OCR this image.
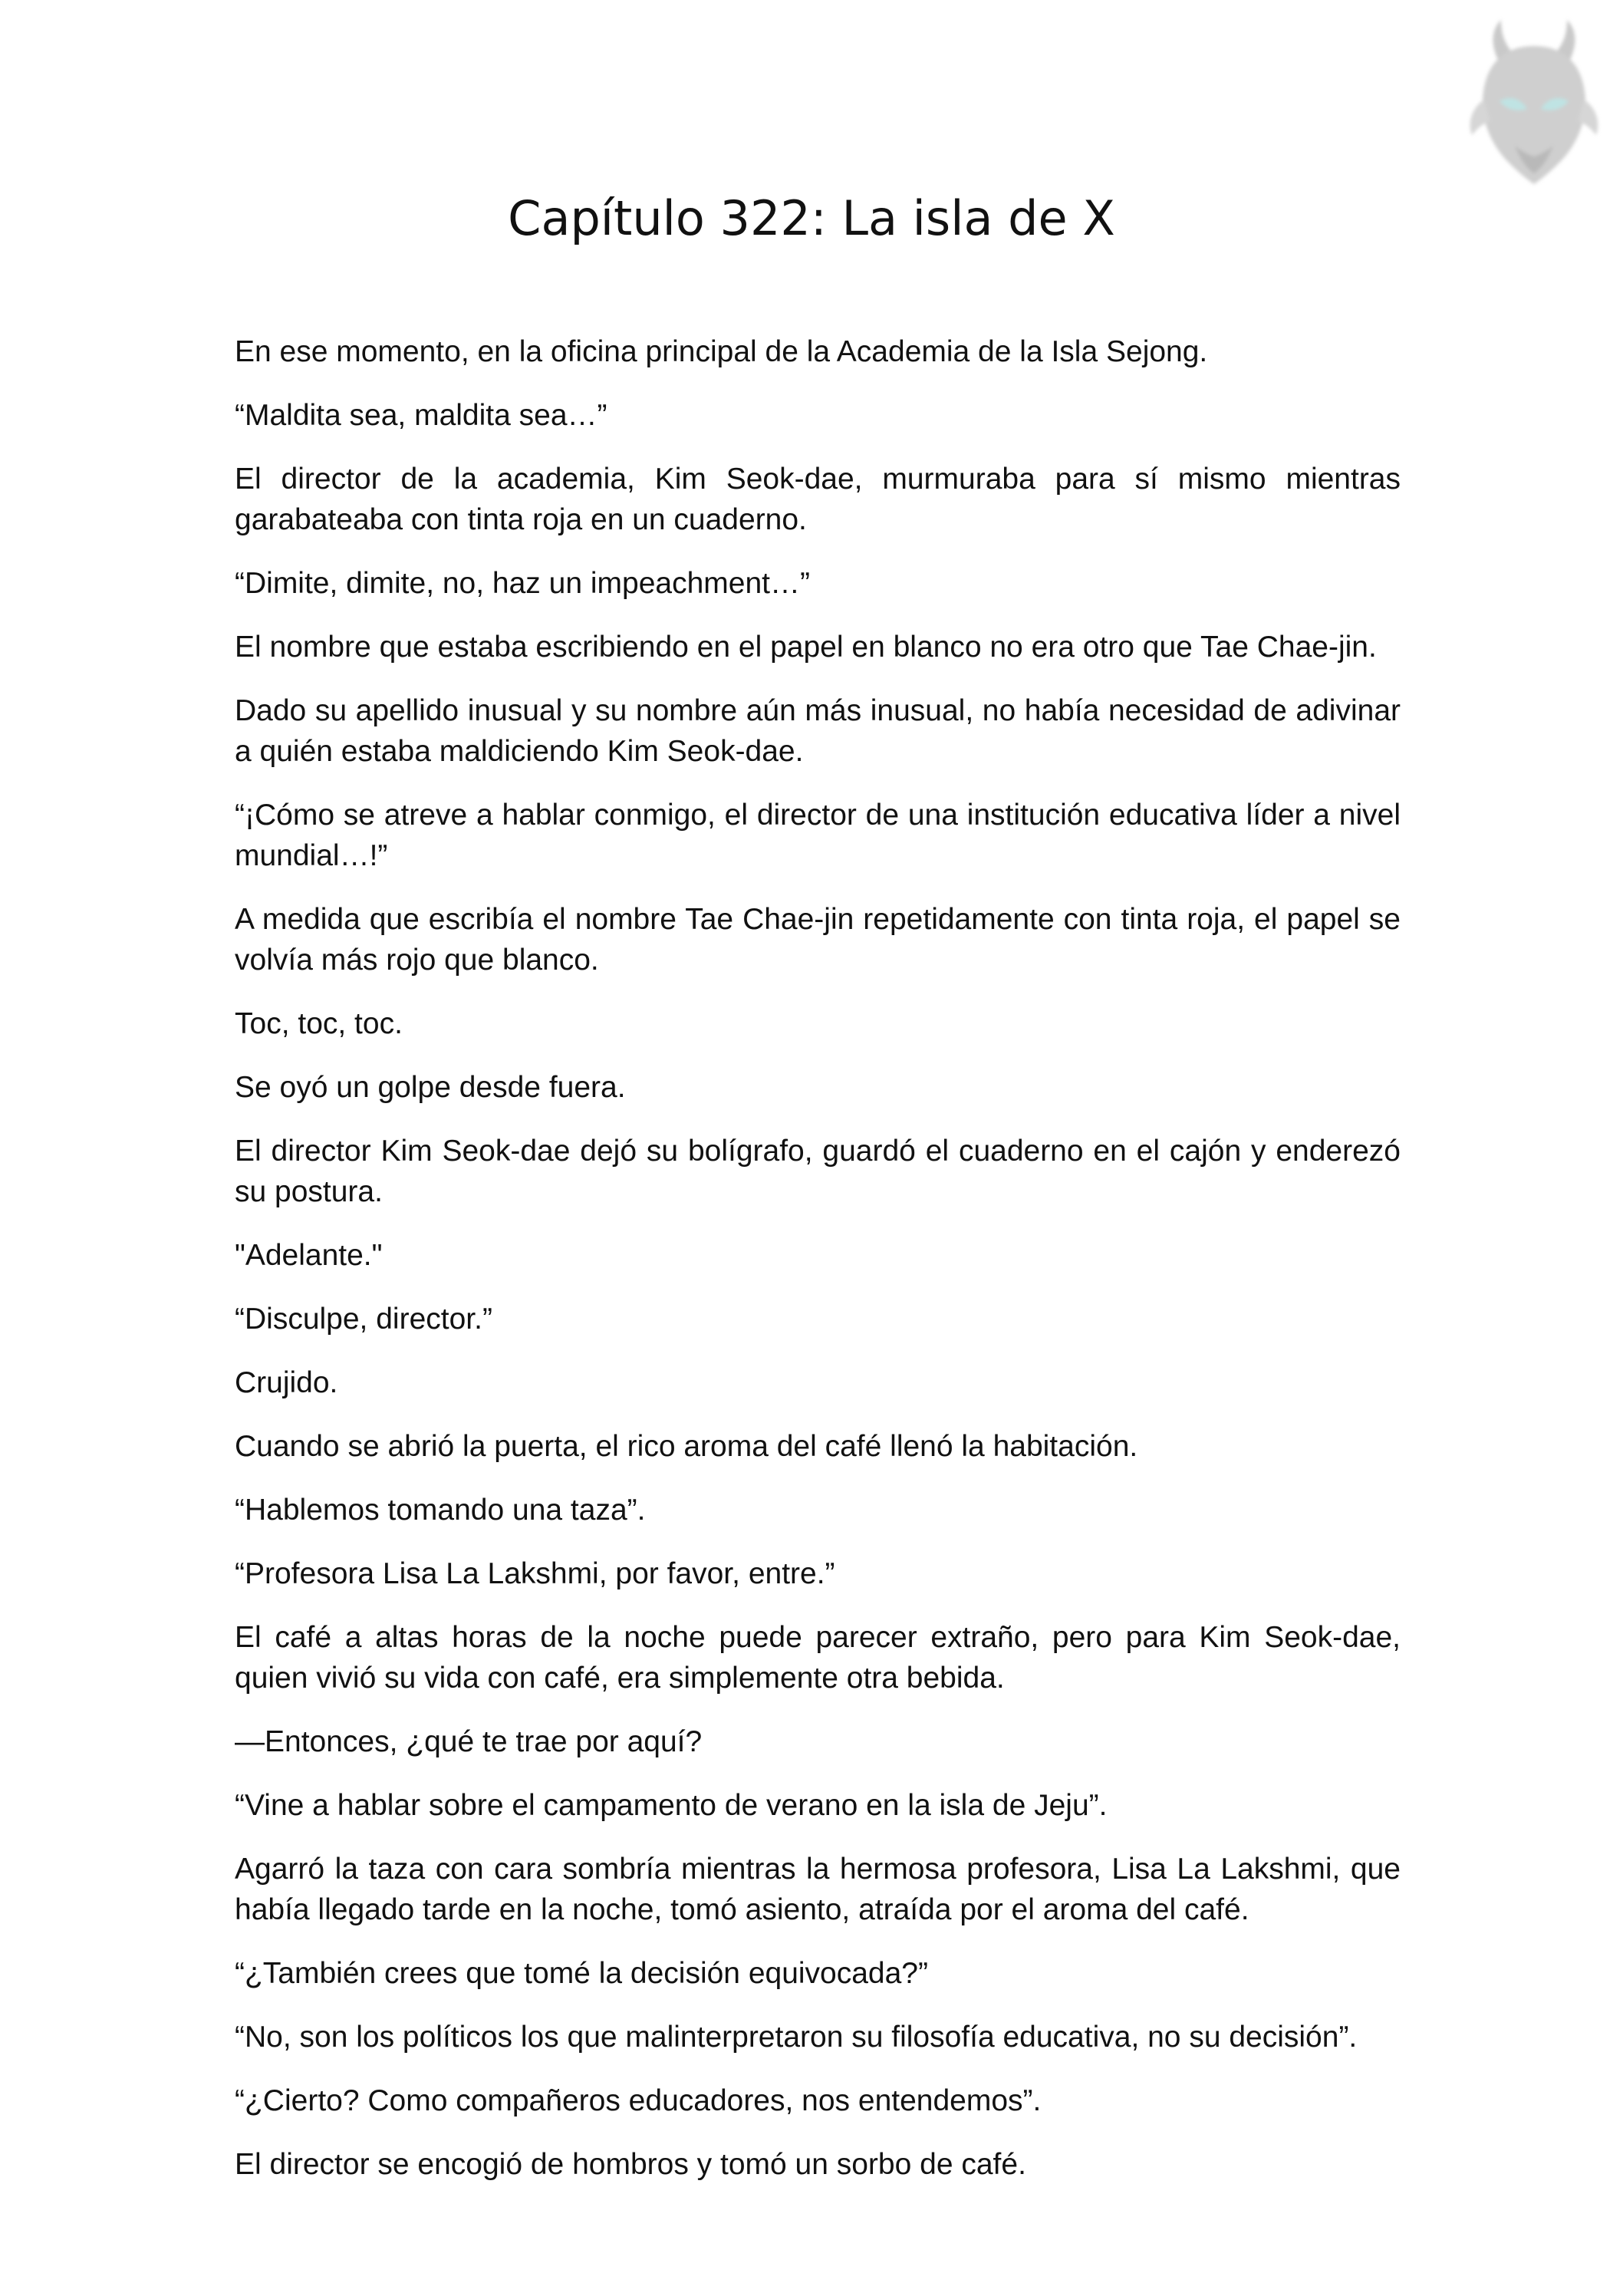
Capítulo 322: La isla de X

En ese momento, en la oficina principal de la Academia de la Isla Sejong.

“Maldita sea, maldita sea…”

El director de la academia, Kim Seok-dae, murmuraba para sí mismo mientras garabateaba con tinta roja en un cuaderno.

“Dimite, dimite, no, haz un impeachment…”

El nombre que estaba escribiendo en el papel en blanco no era otro que Tae Chae-jin.

Dado su apellido inusual y su nombre aún más inusual, no había necesidad de adivinar a quién estaba maldiciendo Kim Seok-dae.

“¡Cómo se atreve a hablar conmigo, el director de una institución educativa líder a nivel mundial…!”

A medida que escribía el nombre Tae Chae-jin repetidamente con tinta roja, el papel se volvía más rojo que blanco.

Toc, toc, toc.

Se oyó un golpe desde fuera.

El director Kim Seok-dae dejó su bolígrafo, guardó el cuaderno en el cajón y enderezó su postura.

"Adelante."

“Disculpe, director.”

Crujido.

Cuando se abrió la puerta, el rico aroma del café llenó la habitación.

“Hablemos tomando una taza”.

“Profesora Lisa La Lakshmi, por favor, entre.”

El café a altas horas de la noche puede parecer extraño, pero para Kim Seok-dae, quien vivió su vida con café, era simplemente otra bebida.

—Entonces, ¿qué te trae por aquí?

“Vine a hablar sobre el campamento de verano en la isla de Jeju”.

Agarró la taza con cara sombría mientras la hermosa profesora, Lisa La Lakshmi, que había llegado tarde en la noche, tomó asiento, atraída por el aroma del café.

“¿También crees que tomé la decisión equivocada?”

“No, son los políticos los que malinterpretaron su filosofía educativa, no su decisión”.

“¿Cierto? Como compañeros educadores, nos entendemos”.

El director se encogió de hombros y tomó un sorbo de café.
